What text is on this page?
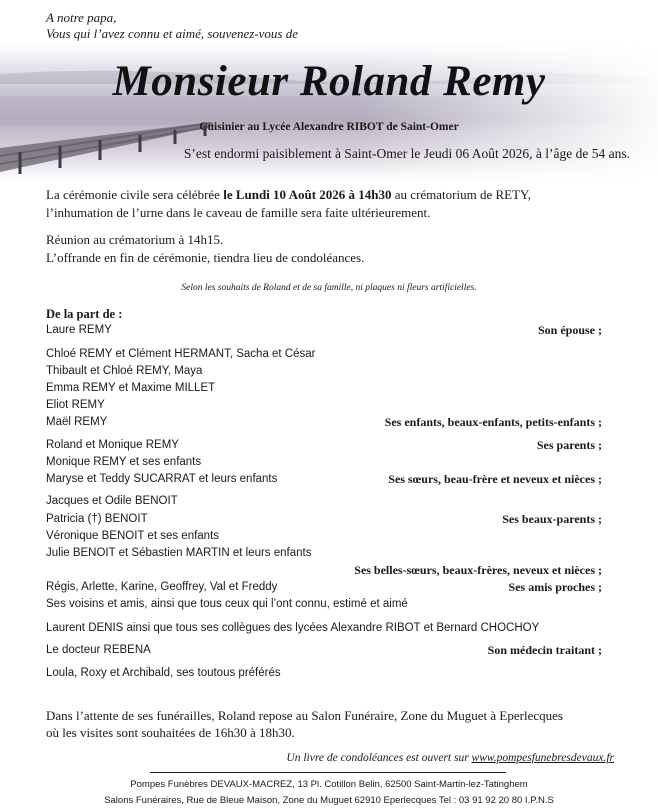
A notre papa,
Vous qui l’avez connu et aimé, souvenez-vous de
Monsieur Roland Remy
Cuisinier au Lycée Alexandre RIBOT de Saint-Omer
S’est endormi paisiblement à Saint-Omer le Jeudi 06 Août 2026, à l’âge de 54 ans.
La cérémonie civile sera célébrée le Lundi 10 Août 2026 à 14h30 au crématorium de RETY,
l’inhumation de l’urne dans le caveau de famille sera faite ultérieurement.
Réunion au crématorium à 14h15.
L’offrande en fin de cérémonie, tiendra lieu de condoléances.
Selon les souhaits de Roland et de sa famille, ni plaques ni fleurs artificielles.
De la part de :
Laure REMY	Son épouse ;
Chloé REMY et Clément HERMANT, Sacha et César
Thibault et Chloé REMY, Maya
Emma REMY et Maxime MILLET
Eliot REMY
Maël REMY	Ses enfants, beaux-enfants, petits-enfants ;
Roland et Monique REMY	Ses parents ;
Monique REMY et ses enfants
Maryse et Teddy SUCARRAT et leurs enfants	Ses sœurs, beau-frère et neveux et nièces ;
Jacques et Odile BENOIT
Patricia (†) BENOIT	Ses beaux-parents ;
Véronique BENOIT et ses enfants
Julie BENOIT et Sébastien MARTIN et leurs enfants
Ses belles-sœurs, beaux-frères, neveux et nièces ;
Régis, Arlette, Karine, Geoffrey, Val et Freddy	Ses amis proches ;
Ses voisins et amis, ainsi que tous ceux qui l’ont connu, estimé et aimé
Laurent DENIS ainsi que tous ses collègues des lycées Alexandre RIBOT et Bernard CHOCHOY
Le docteur REBENA	Son médecin traitant ;
Loula, Roxy et Archibald, ses toutous préférés
Dans l’attente de ses funérailles, Roland repose au Salon Funéraire, Zone du Muguet à Eperlecques
où les visites sont souhaitées de 16h30 à 18h30.
Un livre de condoléances est ouvert sur www.pompesfunebresdevaux.fr
Pompes Funèbres DEVAUX-MACREZ, 13 Pl. Cotillon Belin, 62500 Saint-Martin-lez-Tatinghem
Salons Funéraires, Rue de Bleue Maison, Zone du Muguet 62910 Eperlecques Tel : 03 91 92 20 80 I.P.N.S
